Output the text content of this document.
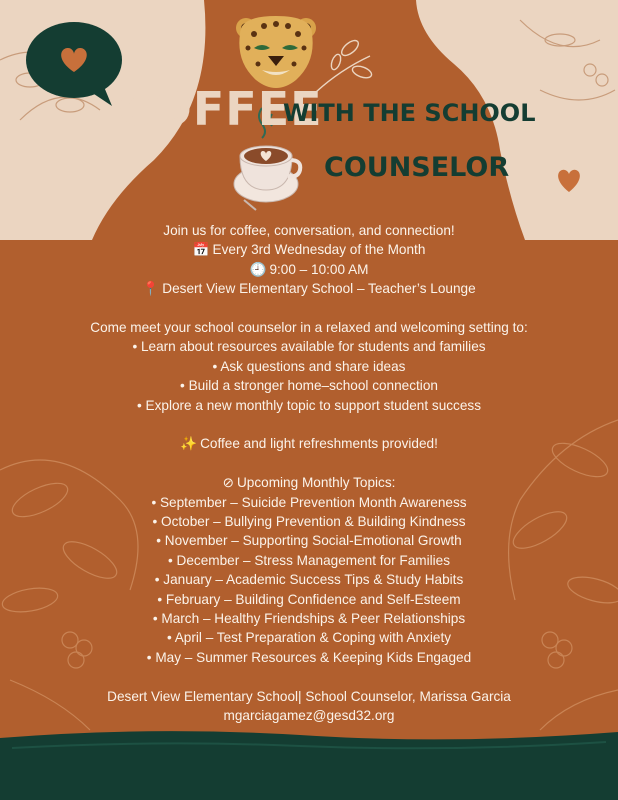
COFFEE
WITH THE SCHOOL
COUNSELOR
Join us for coffee, conversation, and connection!
📅 Every 3rd Wednesday of the Month
🕘 9:00 – 10:00 AM
📍 Desert View Elementary School – Teacher’s Lounge
Come meet your school counselor in a relaxed and welcoming setting to:
• Learn about resources available for students and families
• Ask questions and share ideas
• Build a stronger home–school connection
• Explore a new monthly topic to support student success
✨ Coffee and light refreshments provided!
⊘ Upcoming Monthly Topics:
• September – Suicide Prevention Month Awareness
• October – Bullying Prevention & Building Kindness
• November – Supporting Social-Emotional Growth
• December – Stress Management for Families
• January – Academic Success Tips & Study Habits
• February – Building Confidence and Self-Esteem
• March – Healthy Friendships & Peer Relationships
• April – Test Preparation & Coping with Anxiety
• May – Summer Resources & Keeping Kids Engaged
Desert View Elementary School| School Counselor, Marissa Garcia
mgarciagamez@gesd32.org
